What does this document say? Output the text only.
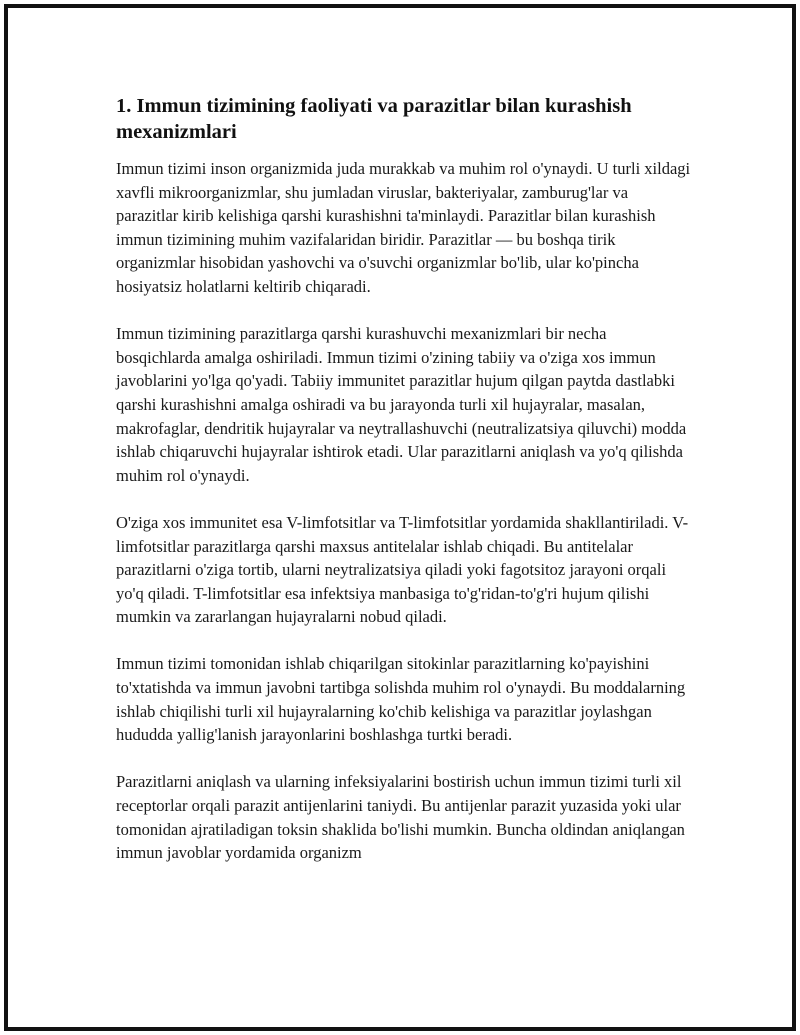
1. Immun tizimining faoliyati va parazitlar bilan kurashish mexanizmlari

Immun tizimi inson organizmida juda murakkab va muhim rol o'ynaydi. U turli xildagi xavfli mikroorganizmlar, shu jumladan viruslar, bakteriyalar, zamburug'lar va parazitlar kirib kelishiga qarshi kurashishni ta'minlaydi. Parazitlar bilan kurashish immun tizimining muhim vazifalaridan biridir. Parazitlar — bu boshqa tirik organizmlar hisobidan yashovchi va o'suvchi organizmlar bo'lib, ular ko'pincha hosiyatsiz holatlarni keltirib chiqaradi.

Immun tizimining parazitlarga qarshi kurashuvchi mexanizmlari bir necha bosqichlarda amalga oshiriladi. Immun tizimi o'zining tabiiy va o'ziga xos immun javoblarini yo'lga qo'yadi. Tabiiy immunitet parazitlar hujum qilgan paytda dastlabki qarshi kurashishni amalga oshiradi va bu jarayonda turli xil hujayralar, masalan, makrofaglar, dendritik hujayralar va neytrallashuvchi (neutralizatsiya qiluvchi) modda ishlab chiqaruvchi hujayralar ishtirok etadi. Ular parazitlarni aniqlash va yo'q qilishda muhim rol o'ynaydi.

O'ziga xos immunitet esa V-limfotsitlar va T-limfotsitlar yordamida shakllantiriladi. V-limfotsitlar parazitlarga qarshi maxsus antitelalar ishlab chiqadi. Bu antitelalar parazitlarni o'ziga tortib, ularni neytralizatsiya qiladi yoki fagotsitoz jarayoni orqali yo'q qiladi. T-limfotsitlar esa infektsiya manbasiga to'g'ridan-to'g'ri hujum qilishi mumkin va zararlangan hujayralarni nobud qiladi.

Immun tizimi tomonidan ishlab chiqarilgan sitokinlar parazitlarning ko'payishini to'xtatishda va immun javobni tartibga solishda muhim rol o'ynaydi. Bu moddalarning ishlab chiqilishi turli xil hujayralarning ko'chib kelishiga va parazitlar joylashgan hududda yallig'lanish jarayonlarini boshlashga turtki beradi.

Parazitlarni aniqlash va ularning infeksiyalarini bostirish uchun immun tizimi turli xil receptorlar orqali parazit antijenlarini taniydi. Bu antijenlar parazit yuzasida yoki ular tomonidan ajratiladigan toksin shaklida bo'lishi mumkin. Buncha oldindan aniqlangan immun javoblar yordamida organizm
